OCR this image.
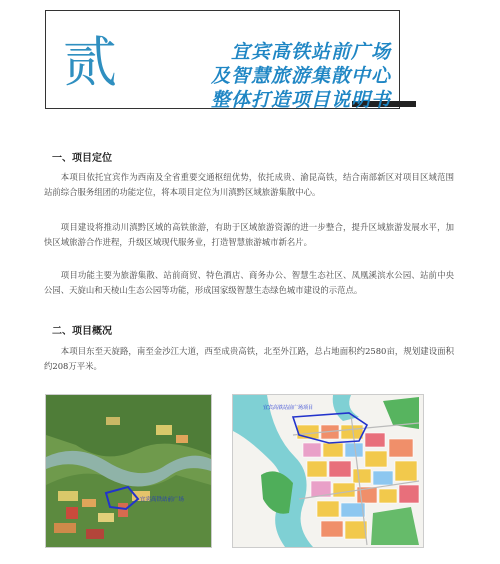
贰	宜宾高铁站前广场
及智慧旅游集散中心
整体打造项目说明书
一、项目定位

本项目依托宜宾作为西南及全省重要交通枢纽优势，依托成贵、渝昆高铁，结合南部新区对项目区域范围站前综合服务组团的功能定位，将本项目定位为川滇黔区域旅游集散中心。

项目建设将推动川滇黔区域的高铁旅游，有助于区域旅游资源的进一步整合，提升区域旅游发展水平，加快区域旅游合作进程，升级区域现代服务业，打造智慧旅游城市新名片。

项目功能主要为旅游集散、站前商贸、特色酒店、商务办公、智慧生态社区、凤凰溪滨水公园、站前中央公园、天旋山和天棱山生态公园等功能，形成国家级智慧生态绿色城市建设的示范点。

二、项目概况

本项目东至天旋路，南至金沙江大道，西至成贵高铁，北至外江路，总占地面积约2580亩，规划建设面积约208万平米。

宜宾高铁站前广场
宜宾高铁站前广场项目
